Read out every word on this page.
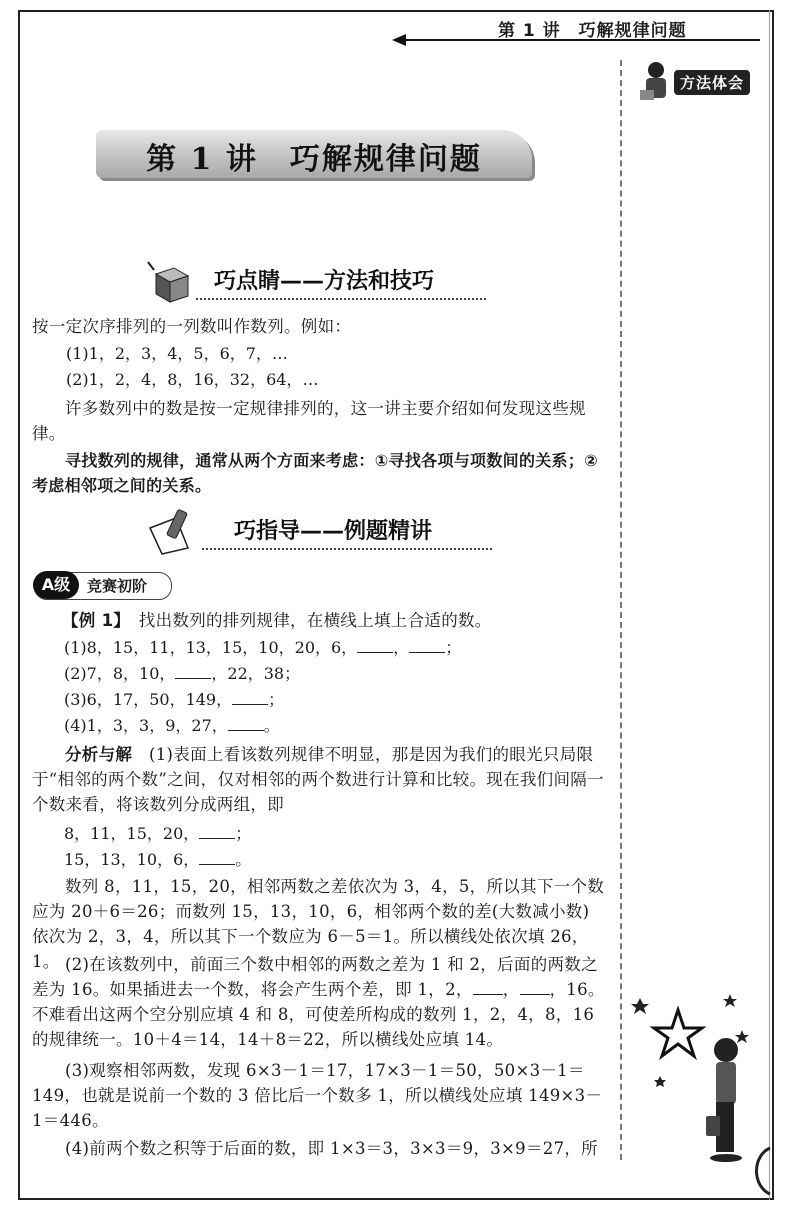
第 1 讲　巧解规律问题
方法体会
第 1 讲　巧解规律问题
巧点睛——方法和技巧
按一定次序排列的一列数叫作数列。例如：
(1)1，2，3，4，5，6，7，…
(2)1，2，4，8，16，32，64，…
许多数列中的数是按一定规律排列的，这一讲主要介绍如何发现这些规律。
寻找数列的规律，通常从两个方面来考虑：①寻找各项与项数间的关系；②考虑相邻项之间的关系。
巧指导——例题精讲
A级	竞赛初阶
【例 1】　 找出数列的排列规律，在横线上填上合适的数。
(1)8，15，11，13，15，10，20，6， ， ；
(2)7，8，10， ，22，38；
(3)6，17，50，149， ；
(4)1，3，3，9，27， 。
分析与解　 (1)表面上看该数列规律不明显，那是因为我们的眼光只局限于“相邻的两个数”之间，仅对相邻的两个数进行计算和比较。现在我们间隔一个数来看，将该数列分成两组，即
8，11，15，20， ；
15，13，10，6， 。
数列 8，11，15，20，相邻两数之差依次为 3，4，5，所以其下一个数应为 20＋6＝26；而数列 15，13，10，6，相邻两个数的差(大数减小数)依次为 2，3，4，所以其下一个数应为 6－5＝1。所以横线处依次填 26，1。 (2)在该数列中，前面三个数中相邻的两数之差为 1 和 2，后面的两数之差为 16。如果插进去一个数，将会产生两个差，即 1，2， ， ，16。不难看出这两个空分别应填 4 和 8，可使差所构成的数列 1，2，4，8，16 的规律统一。10＋4＝14，14＋8＝22，所以横线处应填 14。
(3)观察相邻两数，发现 6×3－1＝17，17×3－1＝50，50×3－1＝149，也就是说前一个数的 3 倍比后一个数多 1，所以横线处应填 149×3－1＝446。
(4)前两个数之积等于后面的数，即 1×3＝3，3×3＝9，3×9＝27，所
